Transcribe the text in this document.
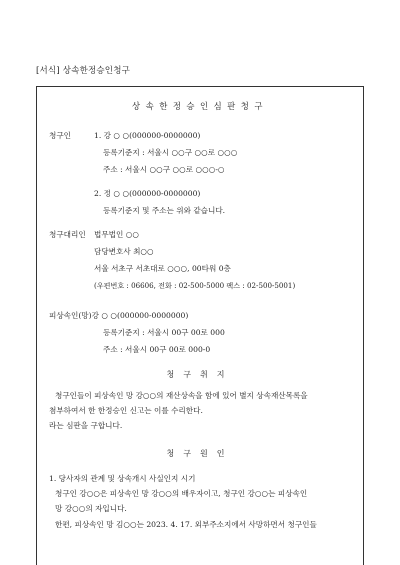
[서식] 상속한정승인청구
상속한정승인심판청구
청구인	1. 강 ○ ○(000000-0000000)
등록기준지 : 서울시 ○○구 ○○로 ○○○
주소 : 서울시 ○○구 ○○로 ○○○-○
2. 정 ○ ○(000000-0000000)
등록기준지 및 주소는 위와 같습니다.
청구대리인 법무법인 ○○
담당변호사 최○○
서울 서초구 서초대로 ○○○, 00타워 0층
(우편번호 : 06606, 전화 : 02-500-5000 팩스 : 02-500-5001)
피상속인(망)강 ○ ○(000000-0000000)
등록기준지 : 서울시 00구 00로 000
주소 : 서울시 00구 00로 000-0
청구취지
청구인들이 피상속인 망 강○○의 재산상속을 함에 있어 별지 상속재산목록을
첨부하여서 한 한정승인 신고는 이를 수리한다.
라는 심판을 구합니다.
청구원인
1. 당사자의 관계 및 상속개시 사실인지 시기
청구인 강○○은 피상속인 망 강○○의 배우자이고, 청구인 강○○는 피상속인
망 강○○의 자입니다.
한편, 피상속인 망 김○○는 2023. 4. 17. 외부주소지에서 사망하면서 청구인들
